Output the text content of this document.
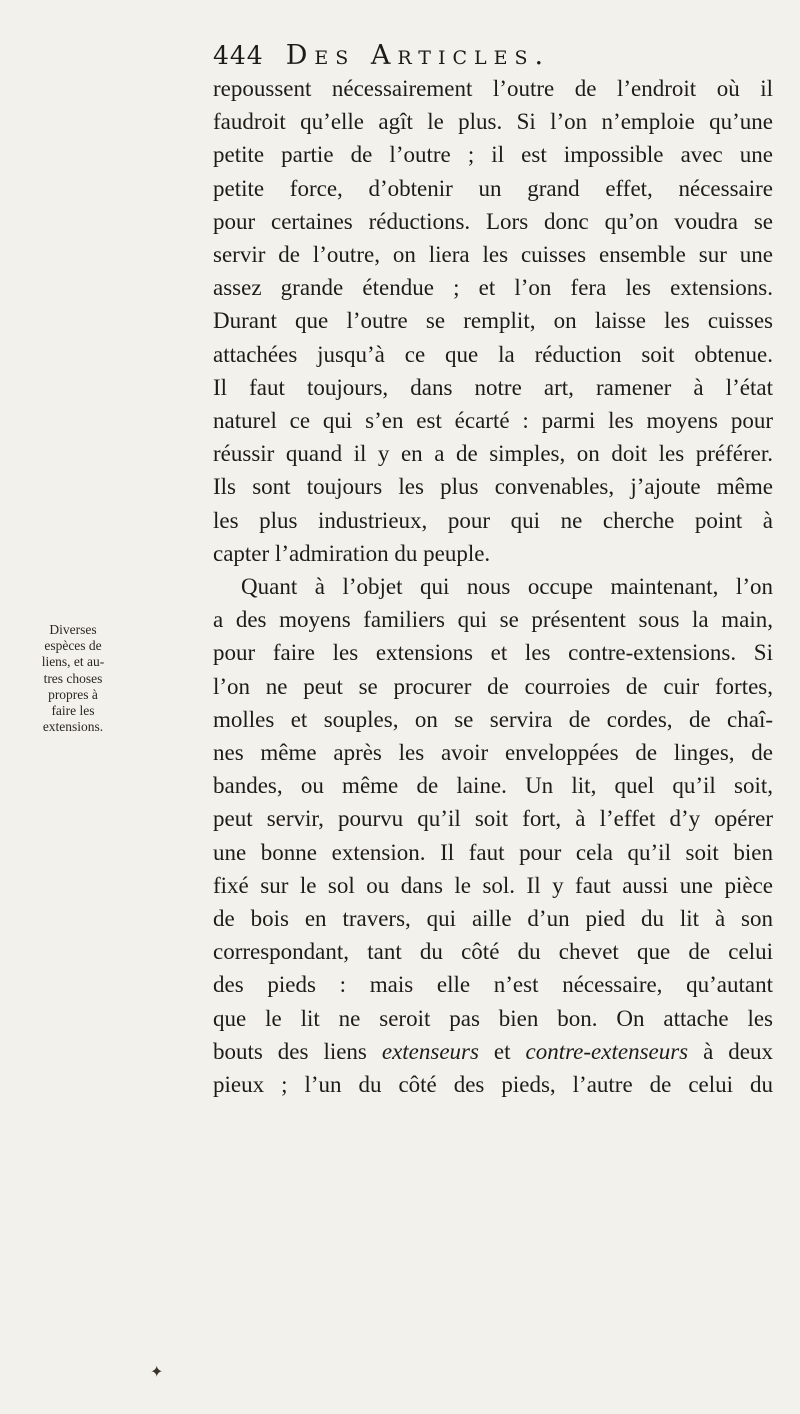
444 Des Articles.
Diverses
espèces de
liens, et au-
tres choses
propres à
faire les
extensions.
repoussent nécessairement l’outre de l’endroit où il
faudroit qu’elle agît le plus. Si l’on n’emploie qu’une
petite partie de l’outre ; il est impossible avec une
petite force, d’obtenir un grand effet, nécessaire
pour certaines réductions. Lors donc qu’on voudra se
servir de l’outre, on liera les cuisses ensemble sur une
assez grande étendue ; et l’on fera les extensions.
Durant que l’outre se remplit, on laisse les cuisses
attachées jusqu’à ce que la réduction soit obtenue.
Il faut toujours, dans notre art, ramener à l’état
naturel ce qui s’en est écarté : parmi les moyens pour
réussir quand il y en a de simples, on doit les préférer.
Ils sont toujours les plus convenables, j’ajoute même
les plus industrieux, pour qui ne cherche point à
capter l’admiration du peuple.
Quant à l’objet qui nous occupe maintenant, l’on
a des moyens familiers qui se présentent sous la main,
pour faire les extensions et les contre-extensions. Si
l’on ne peut se procurer de courroies de cuir fortes,
molles et souples, on se servira de cordes, de chaî-
nes même après les avoir enveloppées de linges, de
bandes, ou même de laine. Un lit, quel qu’il soit,
peut servir, pourvu qu’il soit fort, à l’effet d’y opérer
une bonne extension. Il faut pour cela qu’il soit bien
fixé sur le sol ou dans le sol. Il y faut aussi une pièce
de bois en travers, qui aille d’un pied du lit à son
correspondant, tant du côté du chevet que de celui
des pieds : mais elle n’est nécessaire, qu’autant
que le lit ne seroit pas bien bon. On attache les
bouts des liens extenseurs et contre-extenseurs à deux
pieux ; l’un du côté des pieds, l’autre de celui du
✦
